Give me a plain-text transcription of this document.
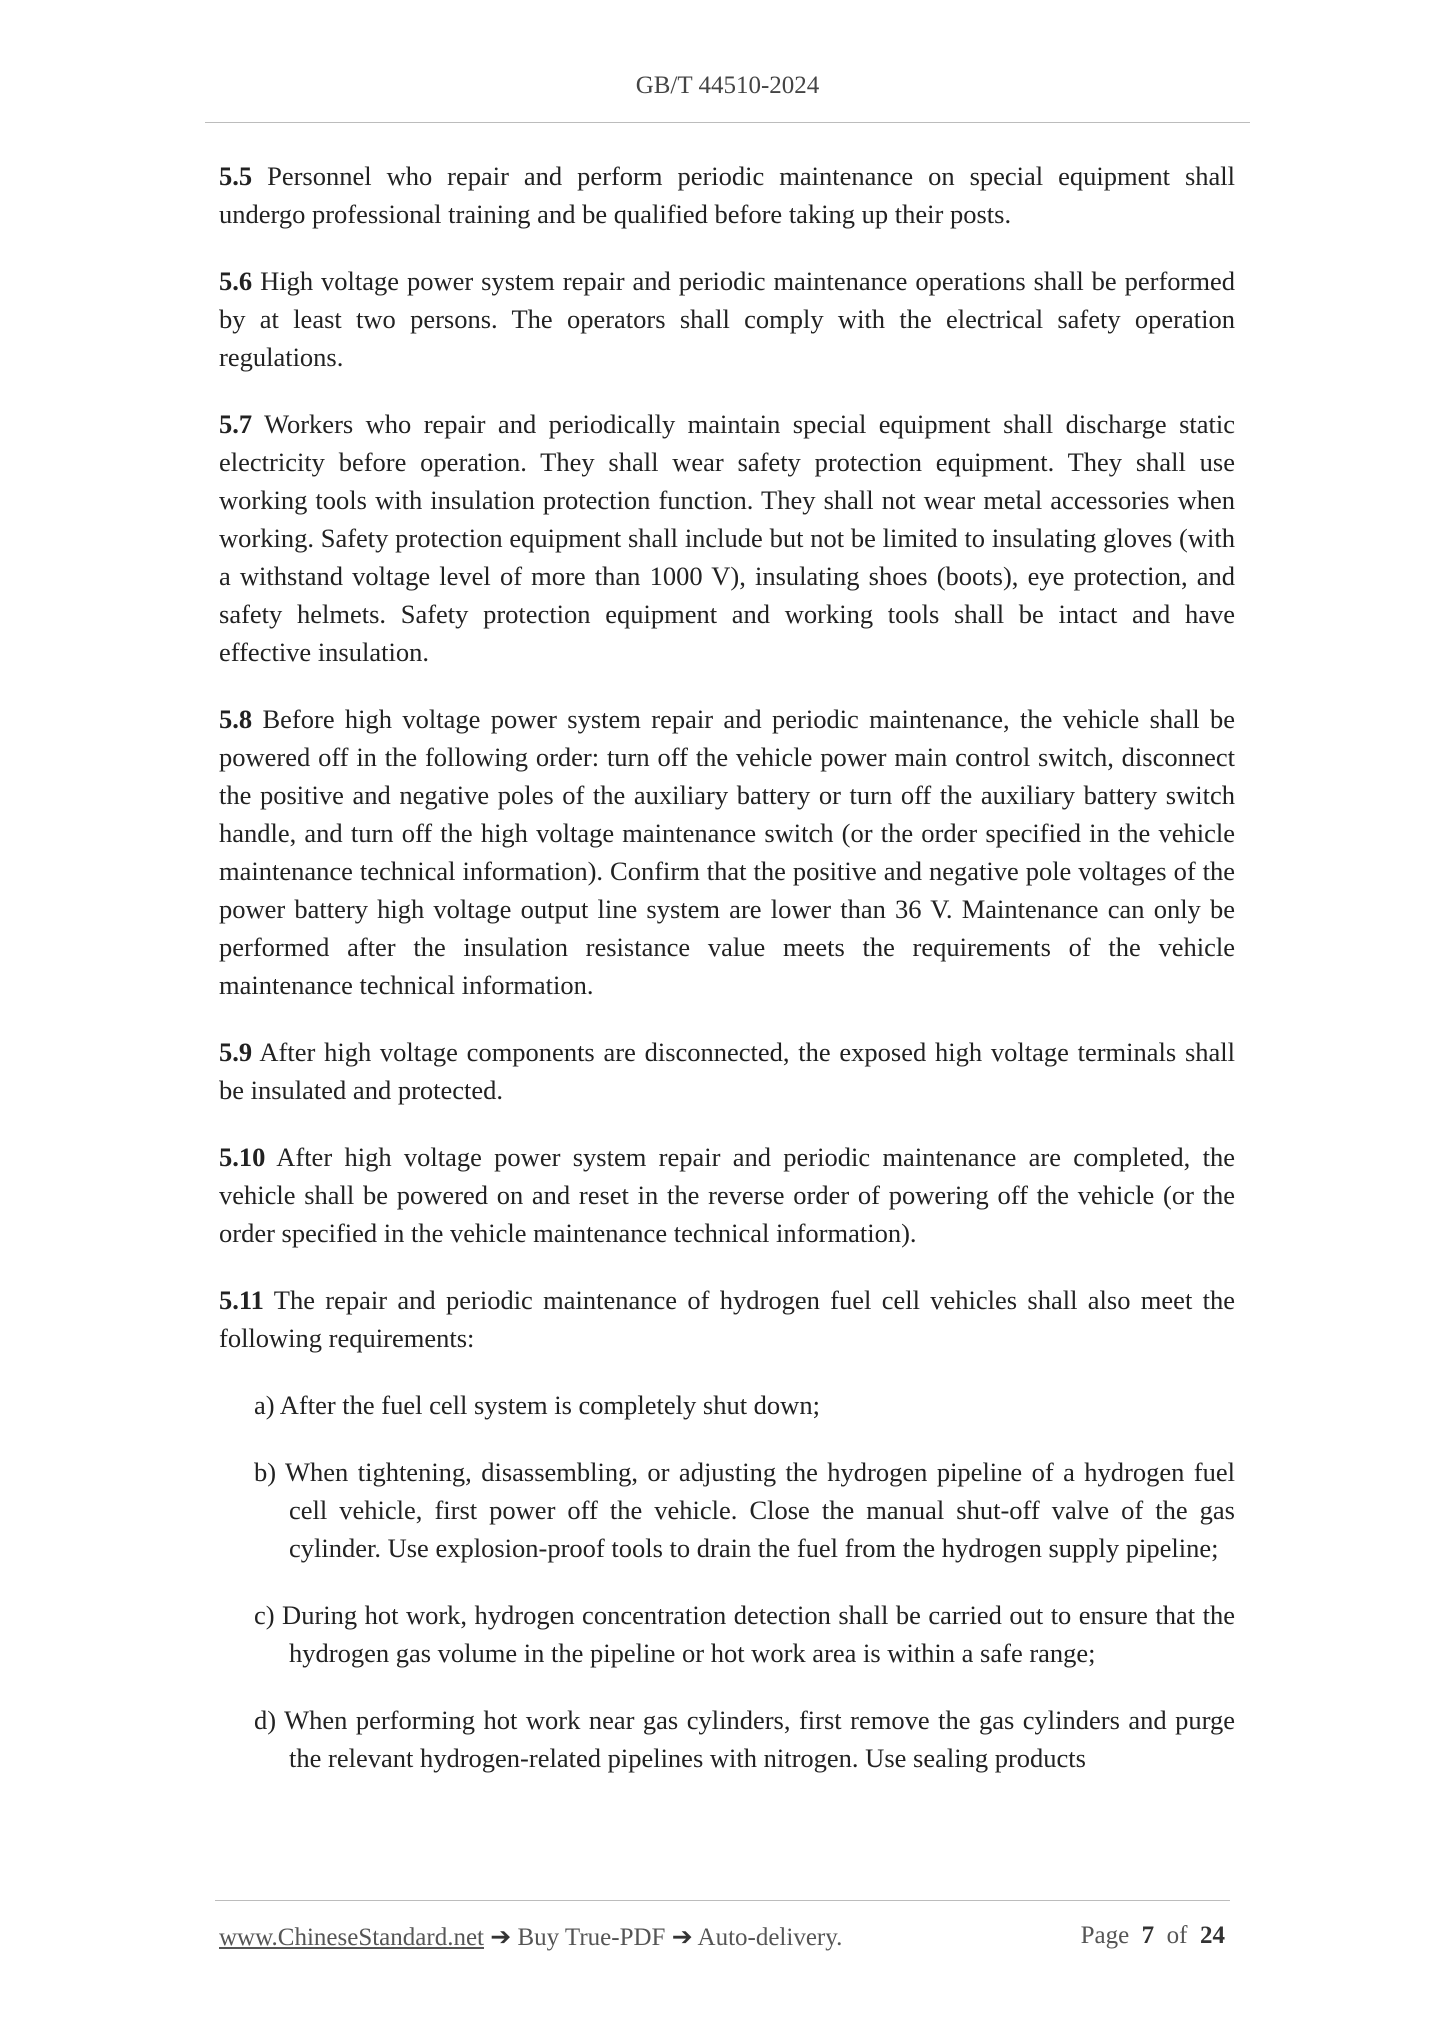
GB/T 44510-2024

5.5 Personnel who repair and perform periodic maintenance on special equipment shall undergo professional training and be qualified before taking up their posts.

5.6 High voltage power system repair and periodic maintenance operations shall be performed by at least two persons. The operators shall comply with the electrical safety operation regulations.

5.7 Workers who repair and periodically maintain special equipment shall discharge static electricity before operation. They shall wear safety protection equipment. They shall use working tools with insulation protection function. They shall not wear metal accessories when working. Safety protection equipment shall include but not be limited to insulating gloves (with a withstand voltage level of more than 1000 V), insulating shoes (boots), eye protection, and safety helmets. Safety protection equipment and working tools shall be intact and have effective insulation.

5.8 Before high voltage power system repair and periodic maintenance, the vehicle shall be powered off in the following order: turn off the vehicle power main control switch, disconnect the positive and negative poles of the auxiliary battery or turn off the auxiliary battery switch handle, and turn off the high voltage maintenance switch (or the order specified in the vehicle maintenance technical information). Confirm that the positive and negative pole voltages of the power battery high voltage output line system are lower than 36 V. Maintenance can only be performed after the insulation resistance value meets the requirements of the vehicle maintenance technical information.

5.9 After high voltage components are disconnected, the exposed high voltage terminals shall be insulated and protected.

5.10 After high voltage power system repair and periodic maintenance are completed, the vehicle shall be powered on and reset in the reverse order of powering off the vehicle (or the order specified in the vehicle maintenance technical information).

5.11 The repair and periodic maintenance of hydrogen fuel cell vehicles shall also meet the following requirements:

a) After the fuel cell system is completely shut down;

b) When tightening, disassembling, or adjusting the hydrogen pipeline of a hydrogen fuel cell vehicle, first power off the vehicle. Close the manual shut-off valve of the gas cylinder. Use explosion-proof tools to drain the fuel from the hydrogen supply pipeline;

c) During hot work, hydrogen concentration detection shall be carried out to ensure that the hydrogen gas volume in the pipeline or hot work area is within a safe range;

d) When performing hot work near gas cylinders, first remove the gas cylinders and purge the relevant hydrogen-related pipelines with nitrogen. Use sealing products

www.ChineseStandard.net ➔ Buy True-PDF ➔ Auto-delivery.	Page 7 of 24
